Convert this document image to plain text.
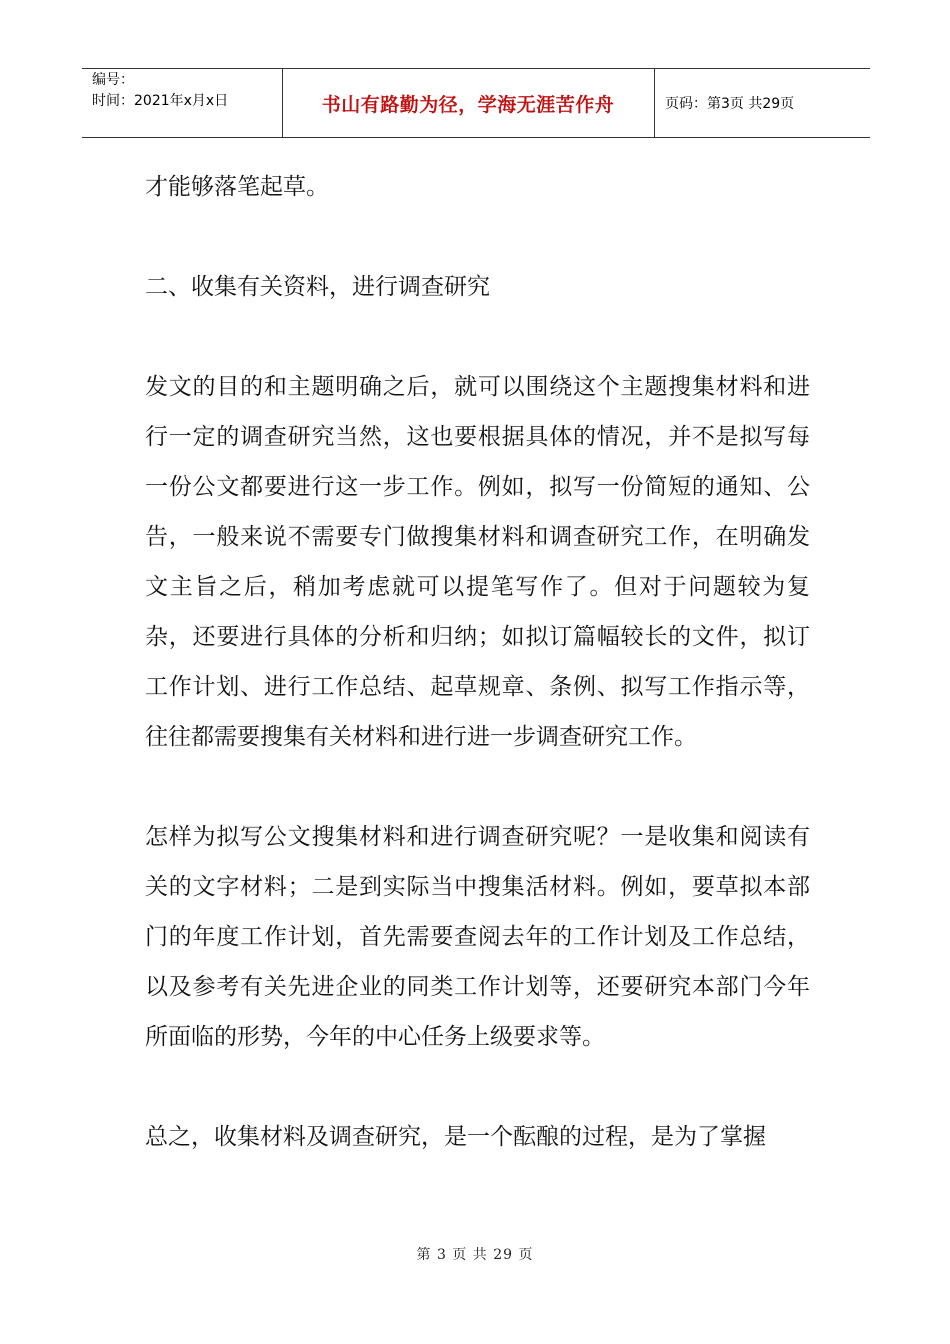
编号：
时间：2021年x月x日	书山有路勤为径，学海无涯苦作舟	页码：第3页 共29页

才能够落笔起草。

二、收集有关资料，进行调查研究

发文的目的和主题明确之后，就可以围绕这个主题搜集材料和进行一定的调查研究当然，这也要根据具体的情况，并不是拟写每一份公文都要进行这一步工作。例如，拟写一份简短的通知、公告，一般来说不需要专门做搜集材料和调查研究工作，在明确发文主旨之后，稍加考虑就可以提笔写作了。但对于问题较为复杂，还要进行具体的分析和归纳；如拟订篇幅较长的文件，拟订工作计划、进行工作总结、起草规章、条例、拟写工作指示等，往往都需要搜集有关材料和进行进一步调查研究工作。

怎样为拟写公文搜集材料和进行调查研究呢？一是收集和阅读有关的文字材料；二是到实际当中搜集活材料。例如，要草拟本部门的年度工作计划，首先需要查阅去年的工作计划及工作总结，以及参考有关先进企业的同类工作计划等，还要研究本部门今年所面临的形势，今年的中心任务上级要求等。

总之，收集材料及调查研究，是一个酝酿的过程，是为了掌握

第 3 页 共 29 页
